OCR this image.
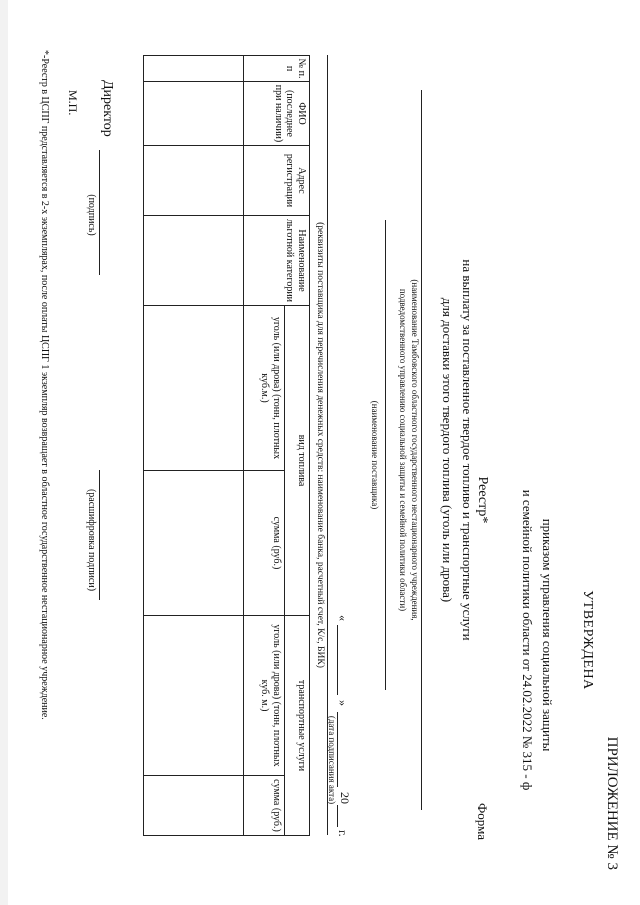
ПРИЛОЖЕНИЕ № 3
УТВЕРЖДЕНА
приказом управления социальной защиты
и семейной политики области от 24.02.2022 № 315 - ф
Форма
Реестр*
на выплату за поставленное твердое топливо и транспортные услуги
для доставки этого твердого топлива (уголь или дрова)
(наименование Тамбовского областного государственного нестационарного учреждения,
подведомственного управлению социальной защиты и семейной политики области)
(наименование поставщика)
«
»
20
г.
(дата подписания акта)
(реквизиты поставщика для перечисления денежных средств: наименование банка, расчетный счет, К/с, БИК)
№ п. п	ФИО (последнее при наличии)	Адрес регистрации	Наименование льготной категории	вид топлива		транспортные услуги	
				уголь (или дрова) (тонн, плотных куб.м.)	сумма (руб.)	уголь (или дрова) (тонн, плотных куб. м.)	сумма (руб.)

Директор
(подпись)
(расшифровка подписи)
М.П.
*-Реестр в ЦСПГ представляется в 2-х экземплярах, после оплаты ЦСПГ 1 экземпляр возвращает в областное государственное нестационарное учреждение.
